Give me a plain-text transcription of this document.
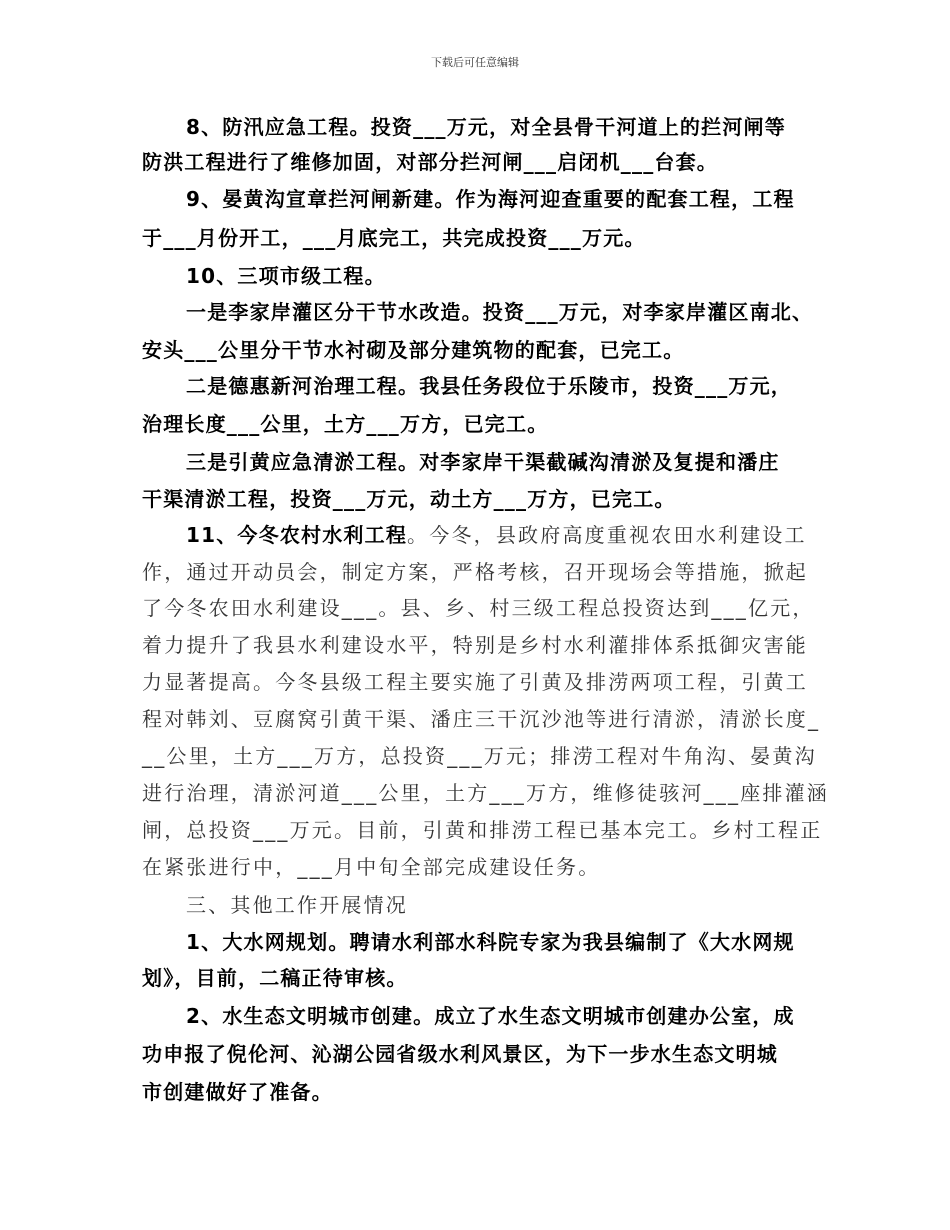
下载后可任意编辑
8、防汛应急工程。投资___万元，对全县骨干河道上的拦河闸等
防洪工程进行了维修加固，对部分拦河闸___启闭机___台套。
9、晏黄沟宣章拦河闸新建。作为海河迎查重要的配套工程，工程
于___月份开工，___月底完工，共完成投资___万元。
10、三项市级工程。
一是李家岸灌区分干节水改造。投资___万元，对李家岸灌区南北、
安头___公里分干节水衬砌及部分建筑物的配套，已完工。
二是德惠新河治理工程。我县任务段位于乐陵市，投资___万元，
治理长度___公里，土方___万方，已完工。
三是引黄应急清淤工程。对李家岸干渠截碱沟清淤及复提和潘庄
干渠清淤工程，投资___万元，动土方___万方，已完工。
11、今冬农村水利工程。今冬，县政府高度重视农田水利建设工
作，通过开动员会，制定方案，严格考核，召开现场会等措施，掀起
了今冬农田水利建设___。县、乡、村三级工程总投资达到___亿元，
着力提升了我县水利建设水平，特别是乡村水利灌排体系抵御灾害能
力显著提高。今冬县级工程主要实施了引黄及排涝两项工程，引黄工
程对韩刘、豆腐窝引黄干渠、潘庄三干沉沙池等进行清淤，清淤长度_
__公里，土方___万方，总投资___万元；排涝工程对牛角沟、晏黄沟
进行治理，清淤河道___公里，土方___万方，维修徒骇河___座排灌涵
闸，总投资___万元。目前，引黄和排涝工程已基本完工。乡村工程正
在紧张进行中，___月中旬全部完成建设任务。
三、其他工作开展情况
1、大水网规划。聘请水利部水科院专家为我县编制了《大水网规
划》，目前，二稿正待审核。
2、水生态文明城市创建。成立了水生态文明城市创建办公室，成
功申报了倪伦河、沁湖公园省级水利风景区，为下一步水生态文明城
市创建做好了准备。
